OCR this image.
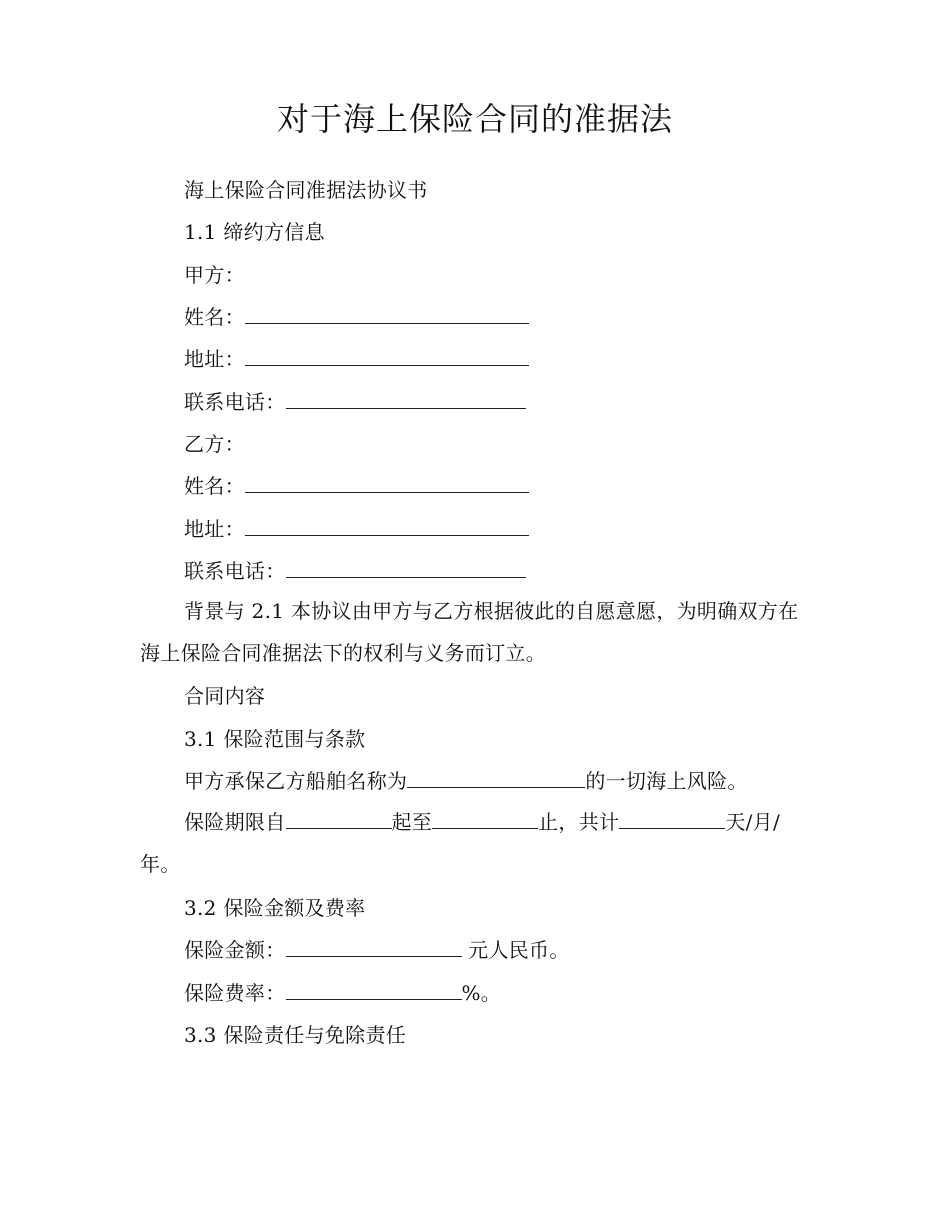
对于海上保险合同的准据法
海上保险合同准据法协议书
1.1 缔约方信息
甲方：
姓名：
地址：
联系电话：
乙方：
姓名：
地址：
联系电话：
背景与 2.1 本协议由甲方与乙方根据彼此的自愿意愿，为明确双方在海上保险合同准据法下的权利与义务而订立。
合同内容
3.1 保险范围与条款
甲方承保乙方船舶名称为	的一切海上风险。
保险期限自	起至	止，共计	天/月/年。
3.2 保险金额及费率
保险金额：	元人民币。
保险费率：	%。
3.3 保险责任与免除责任
